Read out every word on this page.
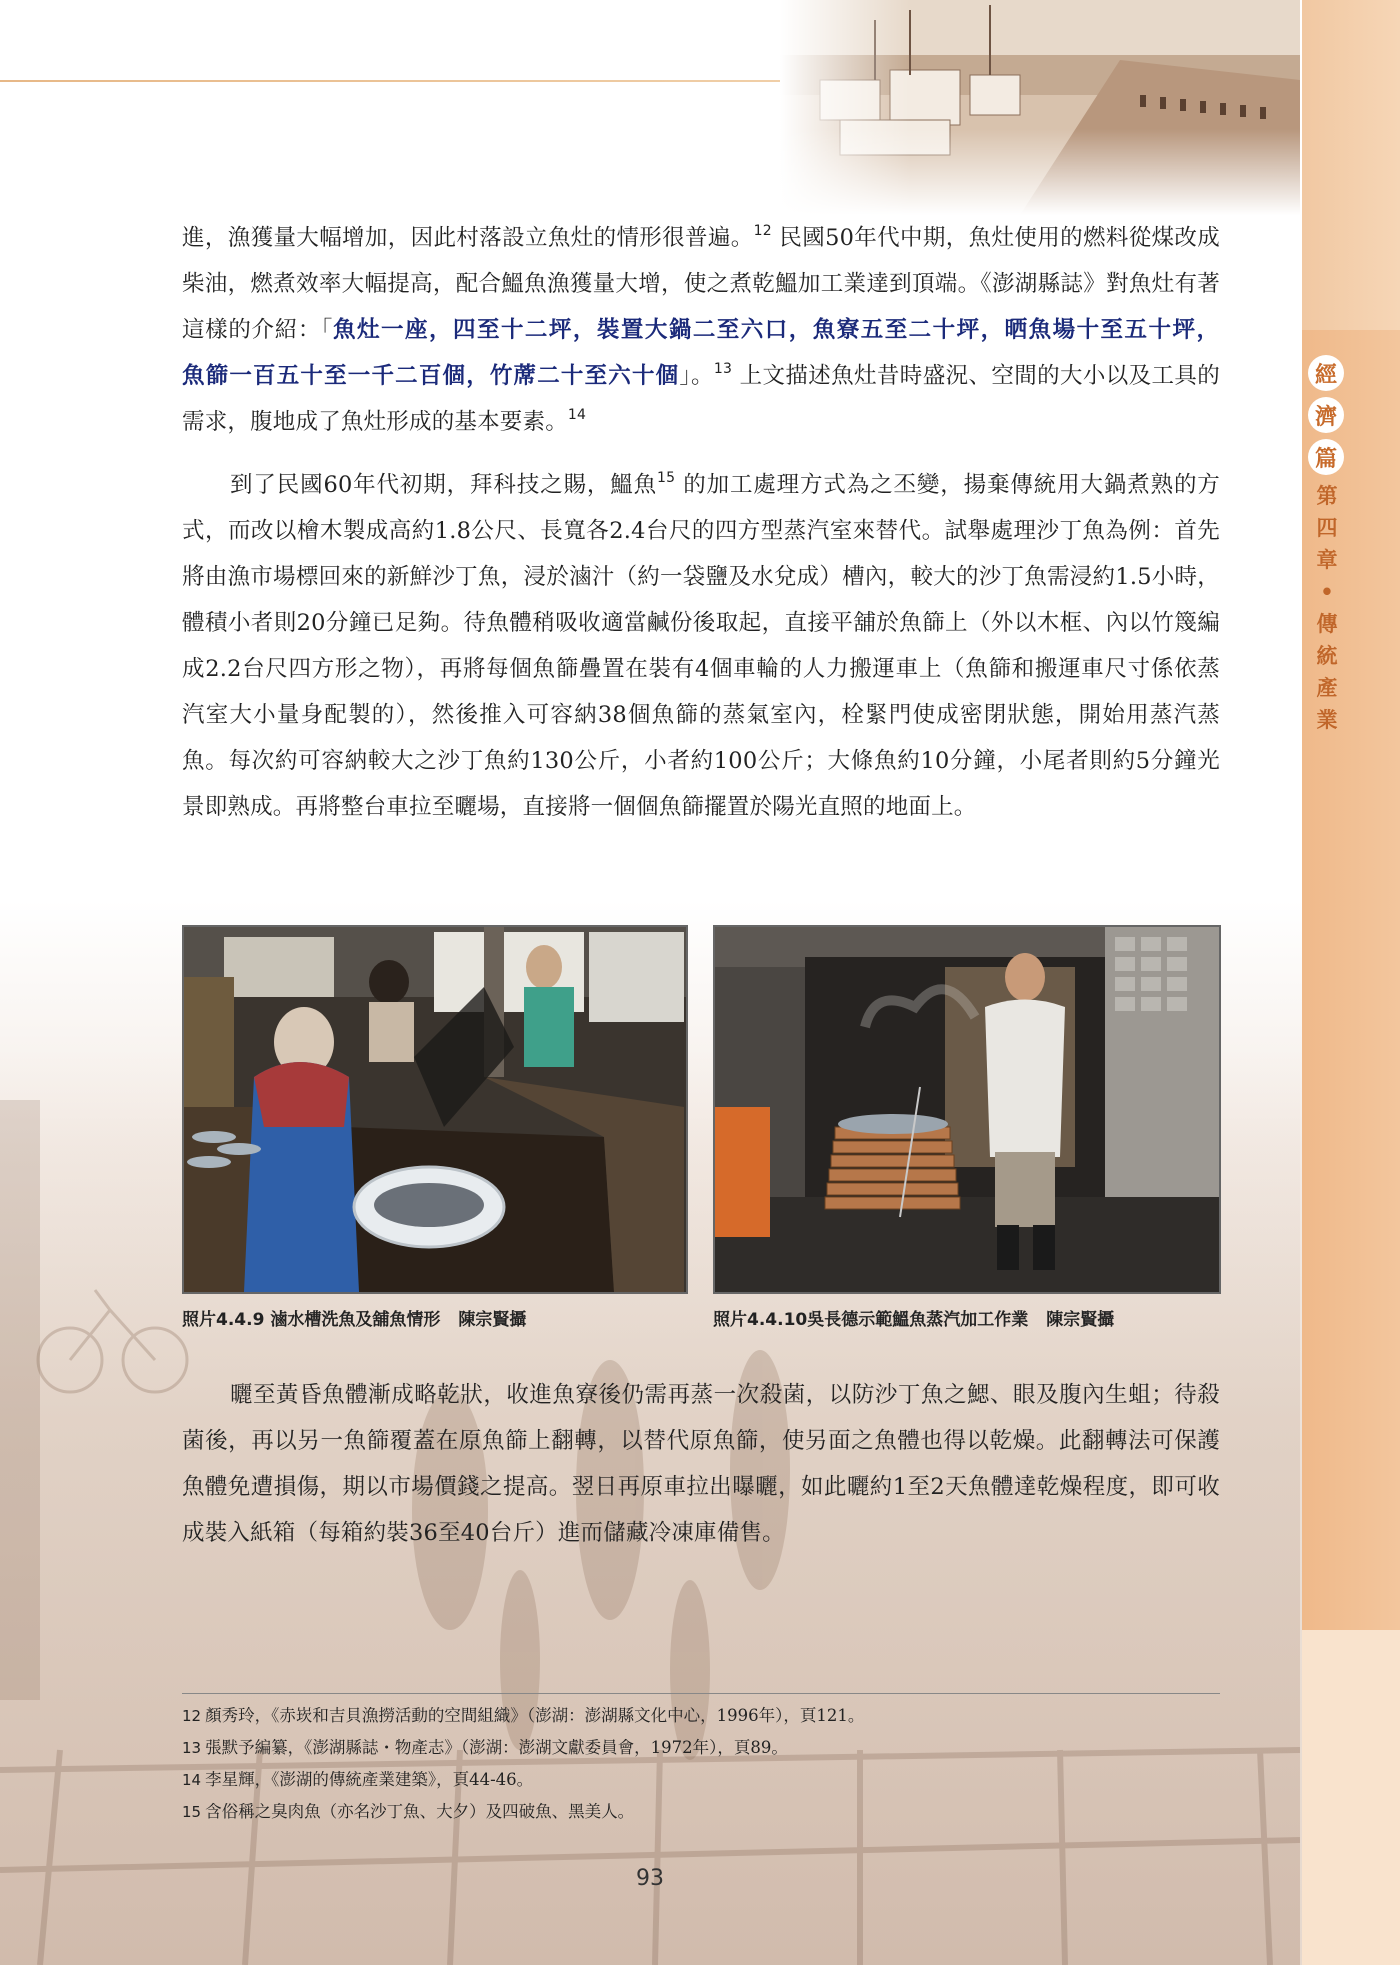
經
濟
篇
第
四
章
•
傳
統
產
業

進，漁獲量大幅增加，因此村落設立魚灶的情形很普遍。$^{12}$ 民國50年代中期，魚灶使用的燃料從煤改成柴油，燃煮效率大幅提高，配合鰮魚漁獲量大增，使之煮乾鰮加工業達到頂端。《澎湖縣誌》對魚灶有著這樣的介紹：「魚灶一座，四至十二坪，裝置大鍋二至六口，魚寮五至二十坪，晒魚場十至五十坪，魚篩一百五十至一千二百個，竹蓆二十至六十個」。$^{13}$ 上文描述魚灶昔時盛況、空間的大小以及工具的需求，腹地成了魚灶形成的基本要素。$^{14}$

到了民國60年代初期，拜科技之賜，鰮魚$^{15}$ 的加工處理方式為之丕變，揚棄傳統用大鍋煮熟的方式，而改以檜木製成高約1.8公尺、長寬各2.4台尺的四方型蒸汽室來替代。試舉處理沙丁魚為例：首先將由漁市場標回來的新鮮沙丁魚，浸於滷汁（約一袋鹽及水兌成）槽內，較大的沙丁魚需浸約1.5小時，體積小者則20分鐘已足夠。待魚體稍吸收適當鹹份後取起，直接平舖於魚篩上（外以木框、內以竹篾編成2.2台尺四方形之物），再將每個魚篩疊置在裝有4個車輪的人力搬運車上（魚篩和搬運車尺寸係依蒸汽室大小量身配製的），然後推入可容納38個魚篩的蒸氣室內，栓緊門使成密閉狀態，開始用蒸汽蒸魚。每次約可容納較大之沙丁魚約130公斤，小者約100公斤；大條魚約10分鐘，小尾者則約5分鐘光景即熟成。再將整台車拉至曬場，直接將一個個魚篩擺置於陽光直照的地面上。

照片4.4.9 滷水槽洗魚及舖魚情形 陳宗賢攝	照片4.4.10吳長德示範鰮魚蒸汽加工作業 陳宗賢攝

曬至黃昏魚體漸成略乾狀，收進魚寮後仍需再蒸一次殺菌，以防沙丁魚之鰓、眼及腹內生蛆；待殺菌後，再以另一魚篩覆蓋在原魚篩上翻轉，以替代原魚篩，使另面之魚體也得以乾燥。此翻轉法可保護魚體免遭損傷，期以市場價錢之提高。翌日再原車拉出曝曬，如此曬約1至2天魚體達乾燥程度，即可收成裝入紙箱（每箱約裝36至40台斤）進而儲藏冷凍庫備售。

12 顏秀玲，《赤崁和吉貝漁撈活動的空間組織》（澎湖：澎湖縣文化中心，1996年），頁121。
13 張默予編纂，《澎湖縣誌・物產志》（澎湖：澎湖文獻委員會，1972年），頁89。
14 李星輝，《澎湖的傳統產業建築》，頁44-46。
15 含俗稱之臭肉魚（亦名沙丁魚、大夕）及四破魚、黑美人。
93
